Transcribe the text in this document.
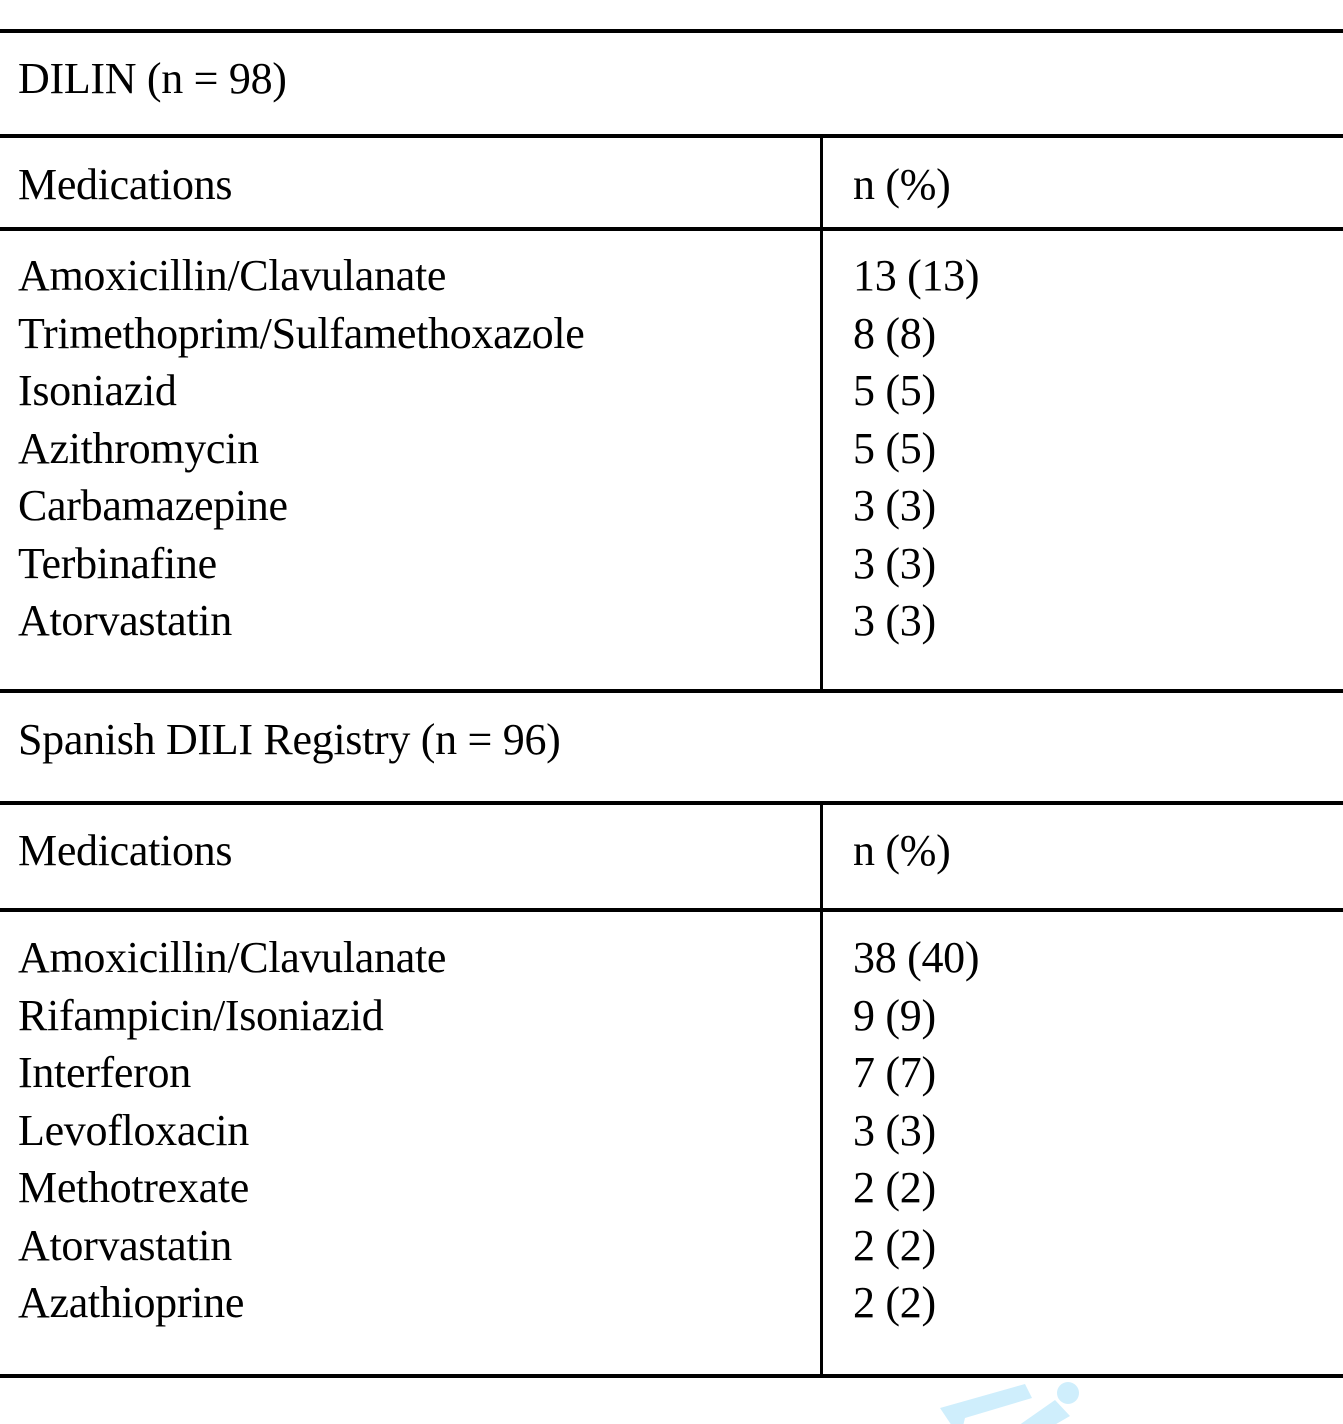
DILIN (n = 98)
Medications	n (%)
Amoxicillin/Clavulanate
Trimethoprim/Sulfamethoxazole
Isoniazid
Azithromycin
Carbamazepine
Terbinafine
Atorvastatin
13 (13)
8 (8)
5 (5)
5 (5)
3 (3)
3 (3)
3 (3)
Spanish DILI Registry (n = 96)
Medications	n (%)
Amoxicillin/Clavulanate
Rifampicin/Isoniazid
Interferon
Levofloxacin
Methotrexate
Atorvastatin
Azathioprine
38 (40)
9 (9)
7 (7)
3 (3)
2 (2)
2 (2)
2 (2)
